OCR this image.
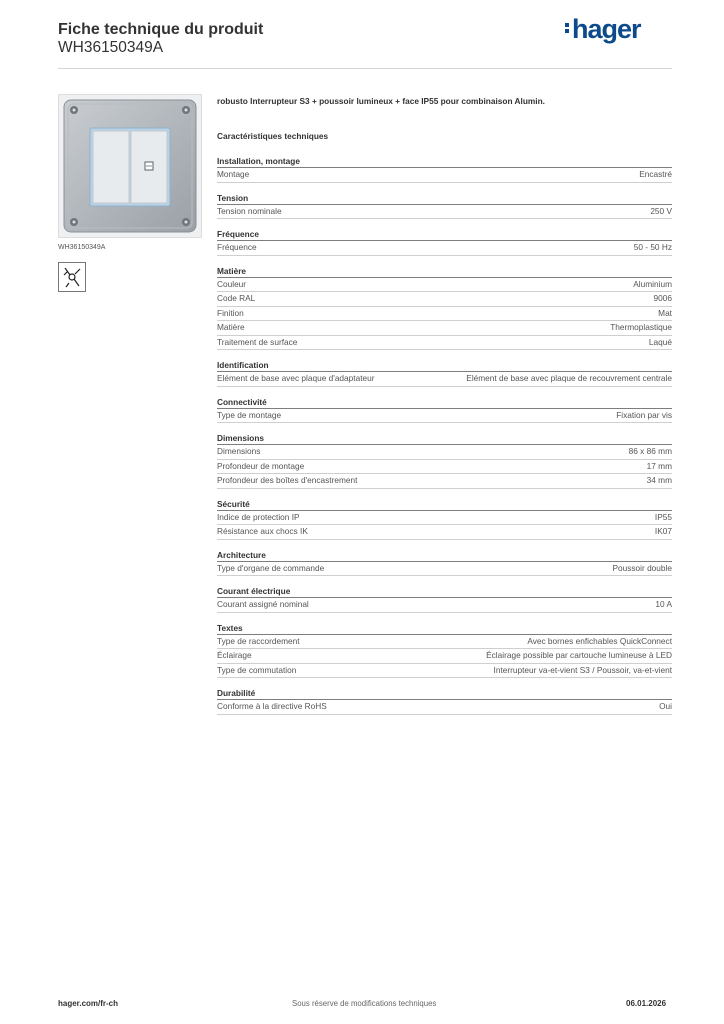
Fiche technique du produit
WH36150349A
hager
WH36150349A
robusto Interrupteur S3 + poussoir lumineux + face IP55 pour combinaison Alumin.
Caractéristiques techniques
Installation, montage
Montage	Encastré
Tension
Tension nominale	250 V
Fréquence
Fréquence	50 - 50 Hz
Matière
Couleur	Aluminium
Code RAL	9006
Finition	Mat
Matière	Thermoplastique
Traitement de surface	Laqué
Identification
Elément de base avec plaque d'adaptateur	Elément de base avec plaque de recouvrement centrale
Connectivité
Type de montage	Fixation par vis
Dimensions
Dimensions	86 x 86 mm
Profondeur de montage	17 mm
Profondeur des boîtes d'encastrement	34 mm
Sécurité
Indice de protection IP	IP55
Résistance aux chocs IK	IK07
Architecture
Type d'organe de commande	Poussoir double
Courant électrique
Courant assigné nominal	10 A
Textes
Type de raccordement	Avec bornes enfichables QuickConnect
Éclairage	Éclairage possible par cartouche lumineuse à LED
Type de commutation	Interrupteur va-et-vient S3 / Poussoir, va-et-vient
Durabilité
Conforme à la directive RoHS	Oui
hager.com/fr-ch	Sous réserve de modifications techniques	06.01.2026
